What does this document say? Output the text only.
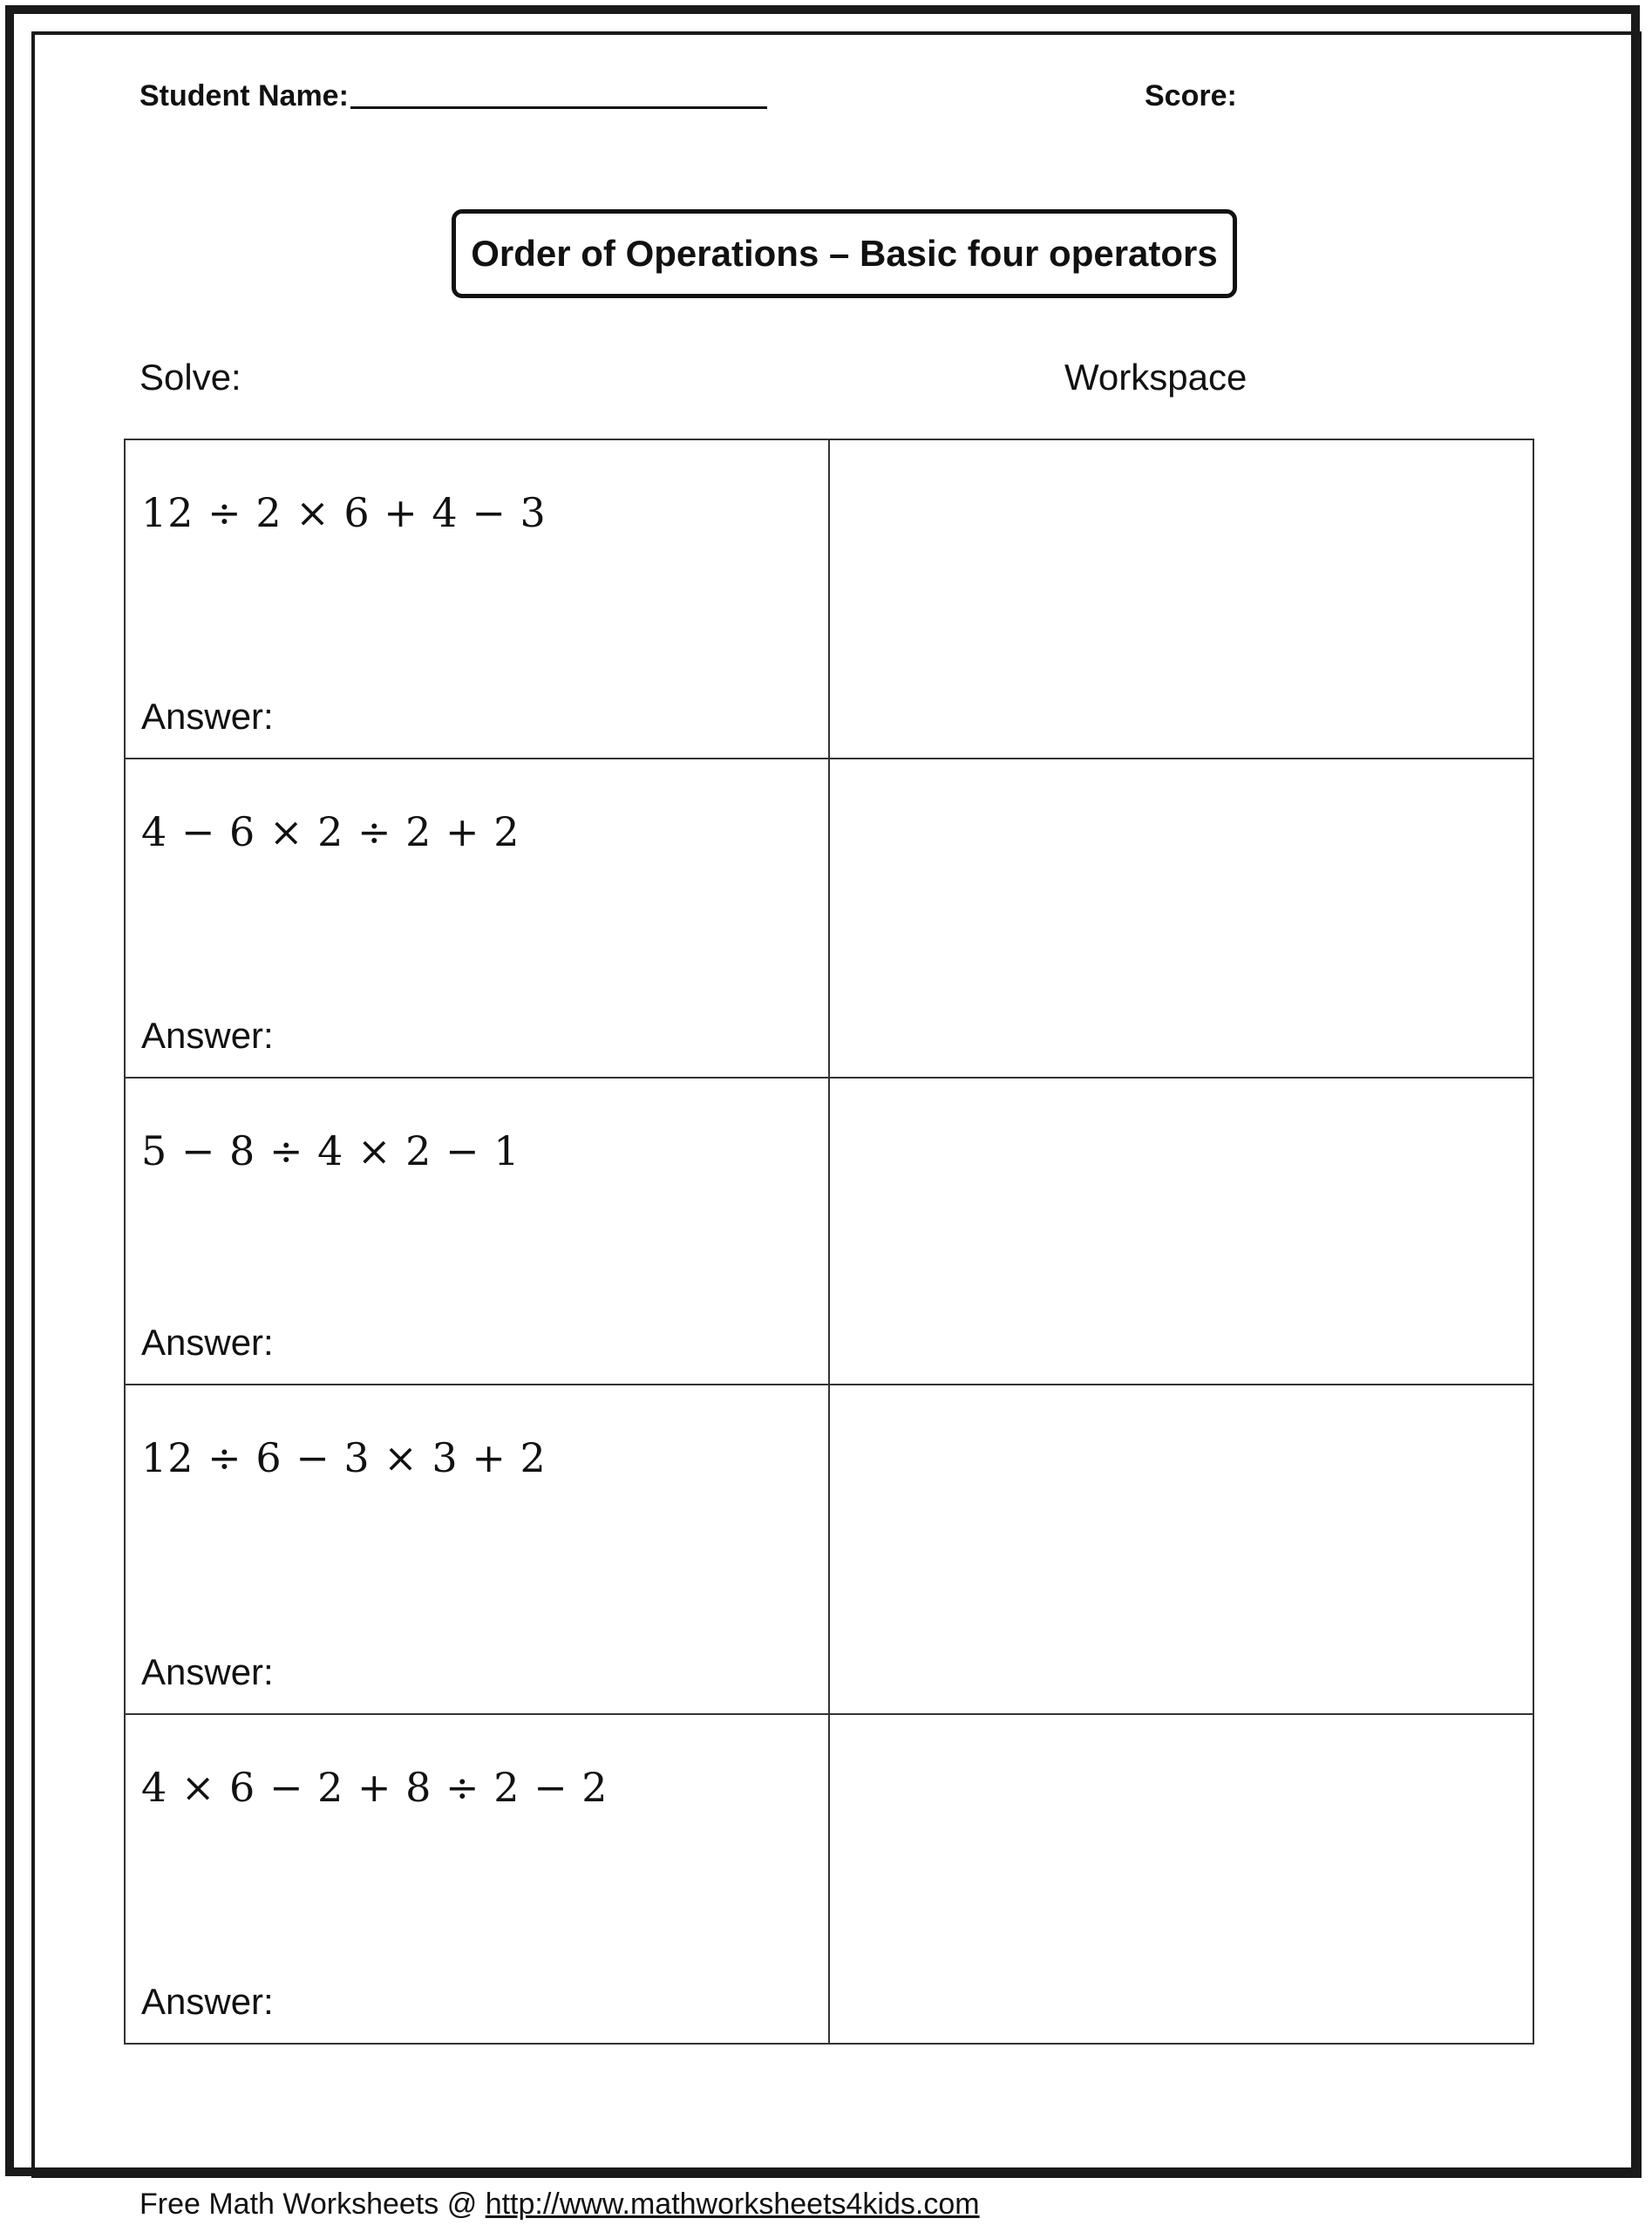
Student Name:	Score:
Order of Operations – Basic four operators
Solve:	Workspace
12 ÷ 2 × 6 + 4 − 3
Answer:	

4 − 6 × 2 ÷ 2 + 2
Answer:	

5 − 8 ÷ 4 × 2 − 1
Answer:	

12 ÷ 6 − 3 × 3 + 2
Answer:	

4 × 6 − 2 + 8 ÷ 2 − 2
Answer:	

Free Math Worksheets @ http://www.mathworksheets4kids.com
